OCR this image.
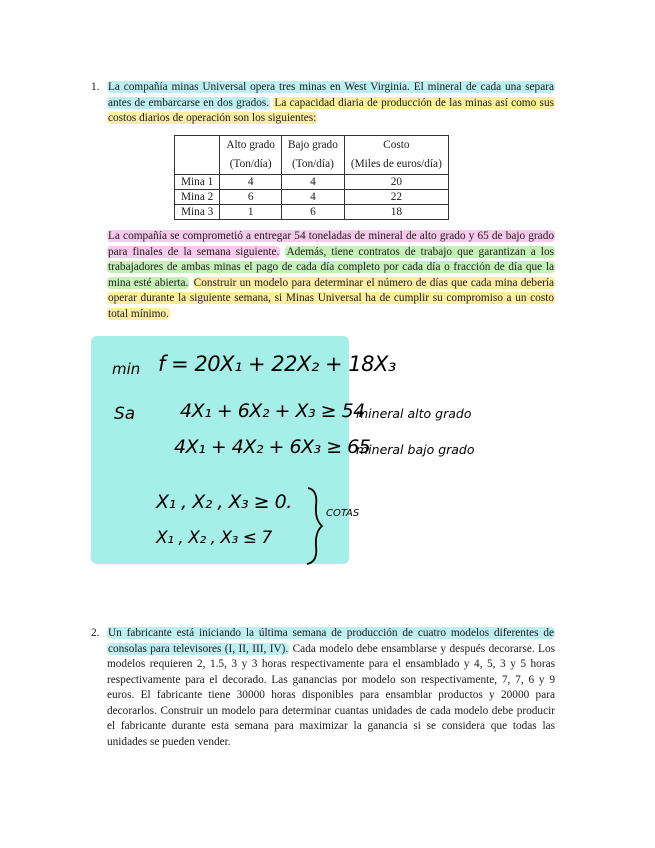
1. La compañía minas Universal opera tres minas en West Virginia. El mineral de cada una separa antes de embarcarse en dos grados. La capacidad diaria de producción de las minas así como sus costos diarios de operación son los siguientes:
	Alto grado	Bajo grado	Costo
	(Ton/día)	(Ton/día)	(Miles de euros/día)
Mina 1	4	4	20
Mina 2	6	4	22
Mina 3	1	6	18
La compañía se comprometió a entregar 54 toneladas de mineral de alto grado y 65 de bajo grado para finales de la semana siguiente. Además, tiene contratos de trabajo que garantizan a los trabajadores de ambas minas el pago de cada día completo por cada día o fracción de día que la mina esté abierta. Construir un modelo para determinar el número de días que cada mina debería operar durante la siguiente semana, si Minas Universal ha de cumplir su compromiso a un costo total mínimo.
min f = 20X₁ + 22X₂ + 18X₃
Sa 4X₁ + 6X₂ + X₃ ≥ 54
mineral alto grado
4X₁ + 4X₂ + 6X₃ ≥ 65
mineral bajo grado
X₁ , X₂ , X₃ ≥ 0.
X₁ , X₂ , X₃ ≤ 7
COTAS
2. Un fabricante está iniciando la última semana de producción de cuatro modelos diferentes de consolas para televisores (I, II, III, IV). Cada modelo debe ensamblarse y después decorarse. Los modelos requieren 2, 1.5, 3 y 3 horas respectivamente para el ensamblado y 4, 5, 3 y 5 horas respectivamente para el decorado. Las ganancias por modelo son respectivamente, 7, 7, 6 y 9 euros. El fabricante tiene 30000 horas disponibles para ensamblar productos y 20000 para decorarlos. Construir un modelo para determinar cuantas unidades de cada modelo debe producir el fabricante durante esta semana para maximizar la ganancia si se considera que todas las unidades se pueden vender.
